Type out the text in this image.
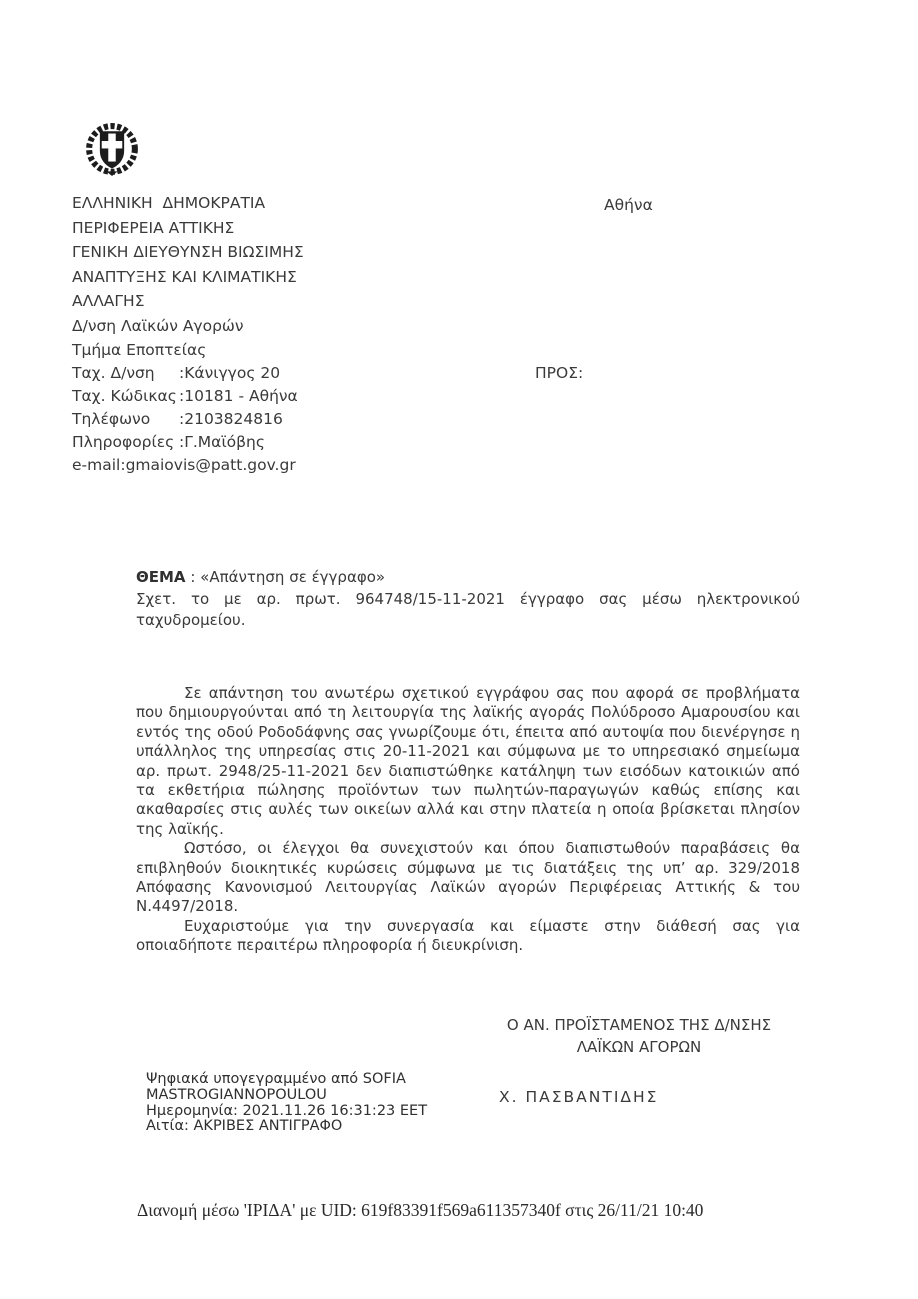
ΕΛΛΗΝΙΚΗ  ΔΗΜΟΚΡΑΤΙΑ
ΠΕΡΙΦΕΡΕΙΑ ΑΤΤΙΚΗΣ
ΓΕΝΙΚΗ ΔΙΕΥΘΥΝΣΗ ΒΙΩΣΙΜΗΣ
ΑΝΑΠΤΥΞΗΣ ΚΑΙ ΚΛΙΜΑΤΙΚΗΣ
ΑΛΛΑΓΗΣ
Δ/νση Λαϊκών Αγορών
Τμήμα Εποπτείας
Αθήνα
Ταχ. Δ/νση	:Κάνιγγος 20
Ταχ. Κώδικας :10181 - Αθήνα
Τηλέφωνο	:2103824816
Πληροφορίες :Γ.Μαϊόβης
e-mail :gmaiovis@patt.gov.gr
ΠΡΟΣ:
ΘΕΜΑ : «Απάντηση σε έγγραφο»
Σχετ. το με αρ. πρωτ. 964748/15-11-2021 έγγραφο σας μέσω ηλεκτρονικού ταχυδρομείου.

Σε απάντηση του ανωτέρω σχετικού εγγράφου σας που αφορά σε προβλήματα που δημιουργούνται από τη λειτουργία της λαϊκής αγοράς Πολύδροσο Αμαρουσίου και εντός της οδού Ροδοδάφνης σας γνωρίζουμε ότι, έπειτα από αυτοψία που διενέργησε η υπάλληλος της υπηρεσίας στις 20-11-2021 και σύμφωνα με το υπηρεσιακό σημείωμα αρ. πρωτ. 2948/25-11-2021 δεν διαπιστώθηκε κατάληψη των εισόδων κατοικιών από τα εκθετήρια πώλησης προϊόντων των πωλητών-παραγωγών καθώς επίσης και ακαθαρσίες στις αυλές των οικείων αλλά και στην πλατεία η οποία βρίσκεται πλησίον της λαϊκής.

Ωστόσο, οι έλεγχοι θα συνεχιστούν και όπου διαπιστωθούν παραβάσεις θα επιβληθούν διοικητικές κυρώσεις σύμφωνα με τις διατάξεις της υπ’ αρ. 329/2018 Απόφασης Κανονισμού Λειτουργίας Λαϊκών αγορών Περιφέρειας Αττικής & του Ν.4497/2018.

Ευχαριστούμε για την συνεργασία και είμαστε στην διάθεσή σας για οποιαδήποτε περαιτέρω πληροφορία ή διευκρίνιση.

Ο ΑΝ. ΠΡΟΪΣΤΑΜΕΝΟΣ ΤΗΣ Δ/ΝΣΗΣ
ΛΑΪΚΩΝ ΑΓΟΡΩΝ
Χ. ΠΑΣΒΑΝΤΙΔΗΣ
Ψηφιακά υπογεγραμμένο από SOFIA
MASTROGIANNOPOULOU
Ημερομηνία: 2021.11.26 16:31:23 EET
Αιτία: ΑΚΡΙΒΕΣ ΑΝΤΙΓΡΑΦΟ
Διανομή μέσω 'ΙΡΙΔΑ' με UID: 619f83391f569a611357340f στις 26/11/21 10:40
